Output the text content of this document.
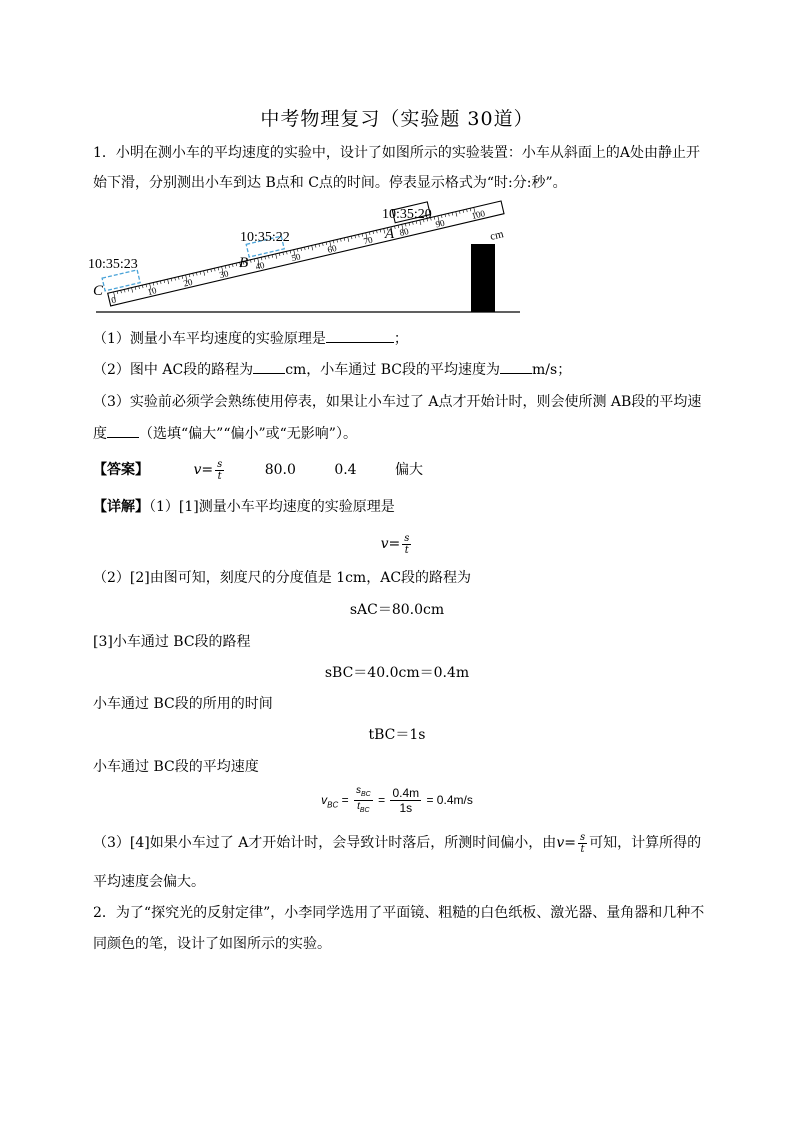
中考物理复习（实验题 30道）
1．小明在测小车的平均速度的实验中，设计了如图所示的实验装置：小车从斜面上的A处由静止开
始下滑，分别测出小车到达 B点和 C点的时间。停表显示格式为“时:分:秒”。
0
10
20
30
40
50
60
70
80
90
100
10:35:23
10:35:22
10:35:20
C
B
A	cm
（1）测量小车平均速度的实验原理是	；
（2）图中 AC段的路程为 cm，小车通过 BC段的平均速度为 m/s；
（3）实验前必须学会熟练使用停表，如果让小车过了 A点才开始计时，则会使所测 AB段的平均速
度 （选填“偏大”“偏小”或“无影响”）。
【答案】	$v= \frac{s}{t}$	80.0	0.4	偏大
【详解】（1）[1]测量小车平均速度的实验原理是
$v= \frac{s}{t}$
（2）[2]由图可知，刻度尺的分度值是 1cm，AC段的路程为
sAC＝80.0cm
[3]小车通过 BC段的路程
sBC＝40.0cm＝0.4m
小车通过 BC段的所用的时间
tBC＝1s
小车通过 BC段的平均速度
$v_{BC} = \frac{s_{BC}}{t_{BC}} = \frac{0.4m}{1s} = 0.4m/s$
（3）[4]如果小车过了 A才开始计时，会导致计时落后，所测时间偏小，由$v= \frac{s}{t}$ 可知，计算所得的
平均速度会偏大。
2．为了“探究光的反射定律”，小李同学选用了平面镜、粗糙的白色纸板、激光器、量角器和几种不
同颜色的笔，设计了如图所示的实验。
